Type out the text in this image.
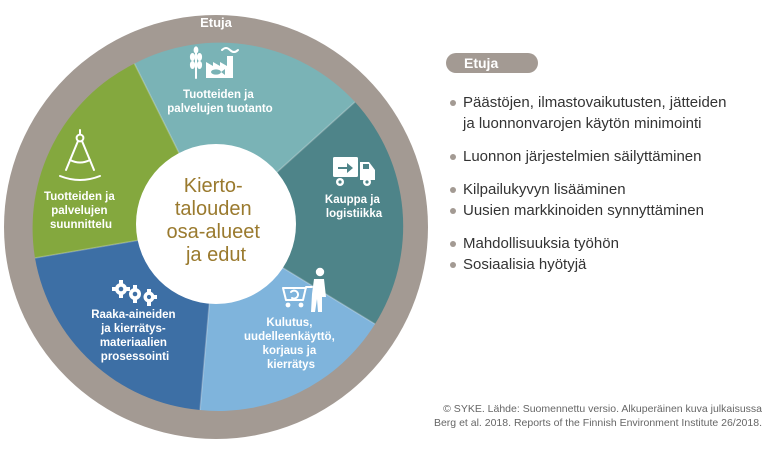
Etuja
Tuotteiden ja palvelujen tuotanto
Kauppa ja logistiikka
Kulutus, uudelleenkäyttö, korjaus ja kierrätys
Raaka-aineiden ja kierrätys- materiaalien prosessointi
Tuotteiden ja palvelujen suunnittelu
Kierto- talouden osa-alueet ja edut
Etuja
Päästöjen, ilmastovaikutusten, jätteiden
ja luonnonvarojen käytön minimointi
Luonnon järjestelmien säilyttäminen
Kilpailukyvyn lisääminen
Uusien markkinoiden synnyttäminen
Mahdollisuuksia työhön
Sosiaalisia hyötyjä
© SYKE. Lähde: Suomennettu versio. Alkuperäinen kuva julkaisussa
Berg et al. 2018. Reports of the Finnish Environment Institute 26/2018.
